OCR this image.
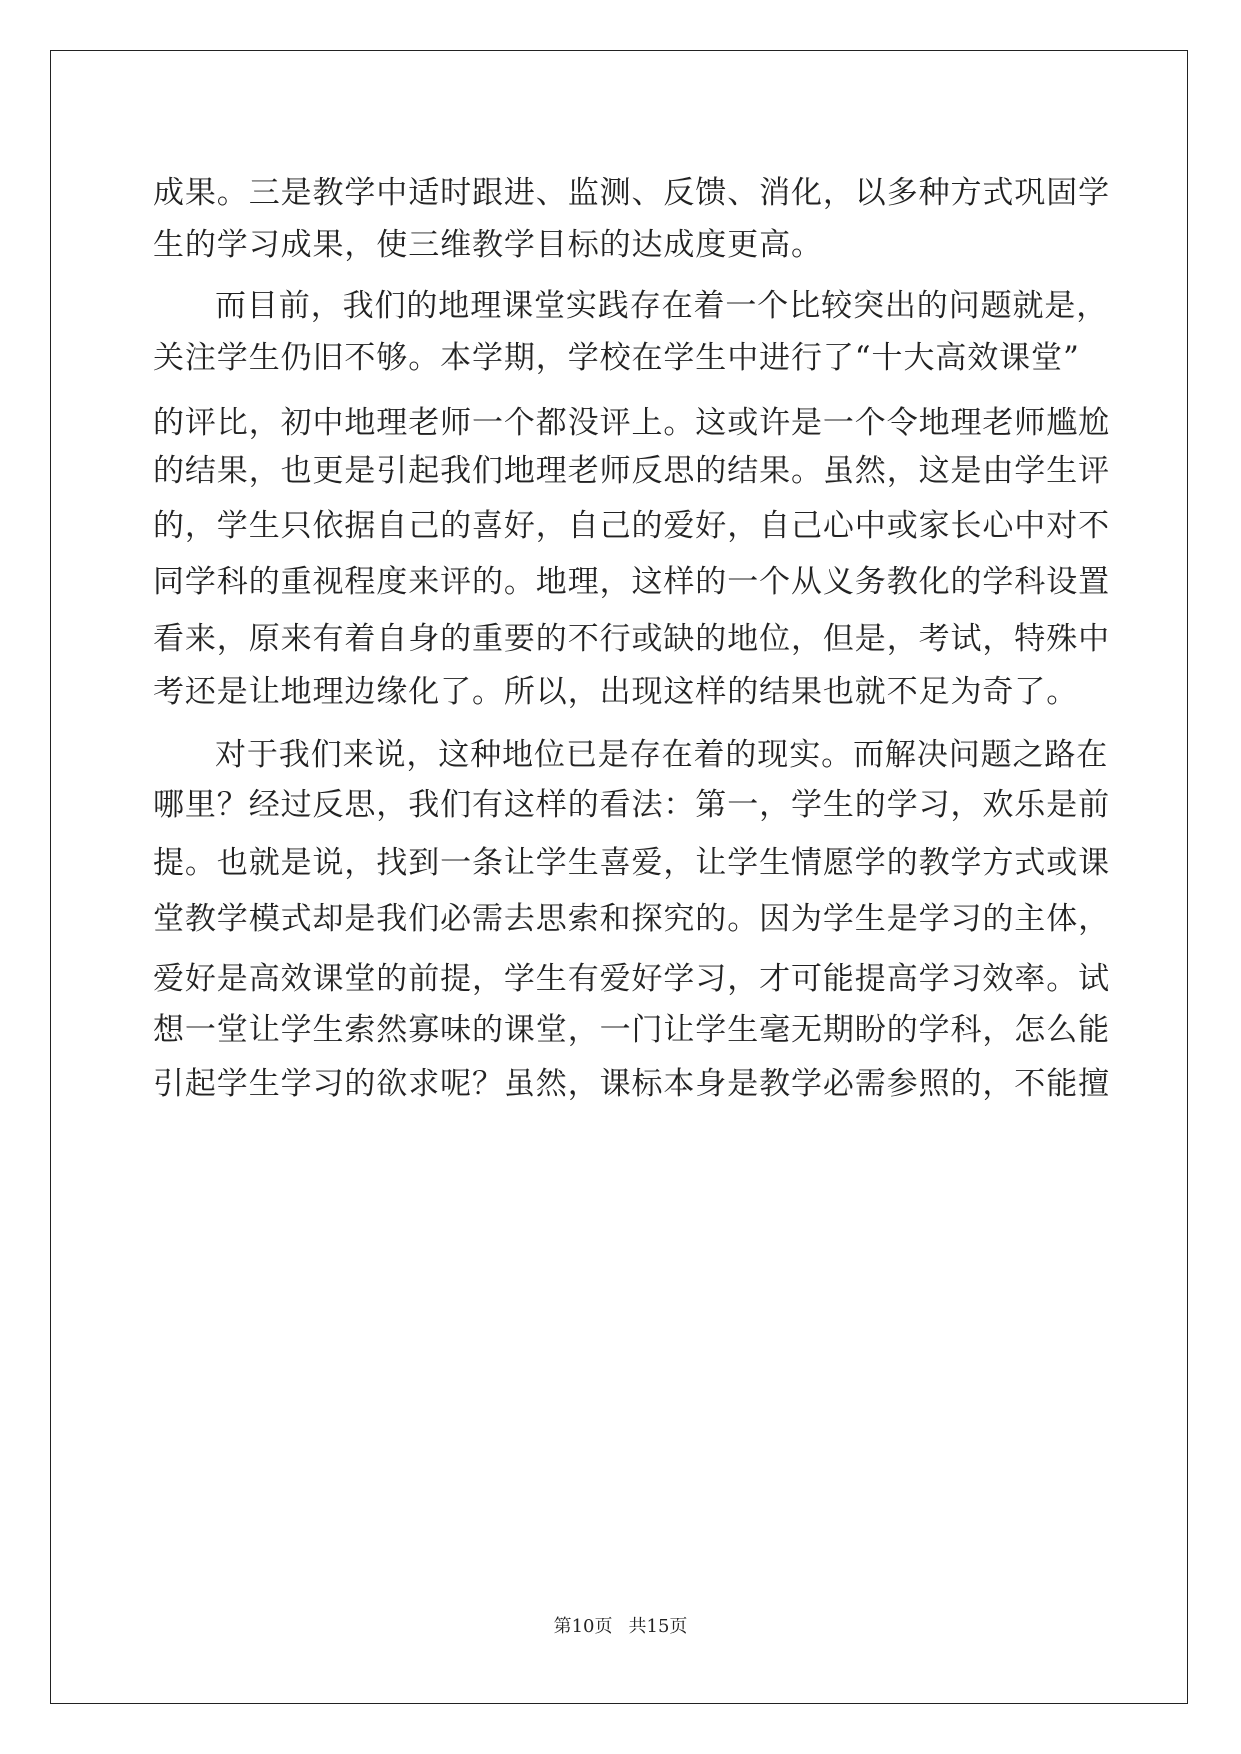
成果。三是教学中适时跟进、监测、反馈、消化，以多种方式巩固学
生的学习成果，使三维教学目标的达成度更高。
而目前，我们的地理课堂实践存在着一个比较突出的问题就是，
关注学生仍旧不够。本学期，学校在学生中进行了“十大高效课堂”
的评比，初中地理老师一个都没评上。这或许是一个令地理老师尴尬
的结果，也更是引起我们地理老师反思的结果。虽然，这是由学生评
的，学生只依据自己的喜好，自己的爱好，自己心中或家长心中对不
同学科的重视程度来评的。地理，这样的一个从义务教化的学科设置
看来，原来有着自身的重要的不行或缺的地位，但是，考试，特殊中
考还是让地理边缘化了。所以，出现这样的结果也就不足为奇了。
对于我们来说，这种地位已是存在着的现实。而解决问题之路在
哪里？经过反思，我们有这样的看法：第一，学生的学习，欢乐是前
提。也就是说，找到一条让学生喜爱，让学生情愿学的教学方式或课
堂教学模式却是我们必需去思索和探究的。因为学生是学习的主体，
爱好是高效课堂的前提，学生有爱好学习，才可能提高学习效率。试
想一堂让学生索然寡味的课堂，一门让学生毫无期盼的学科，怎么能
引起学生学习的欲求呢？虽然，课标本身是教学必需参照的，不能擅
第10页 共15页
